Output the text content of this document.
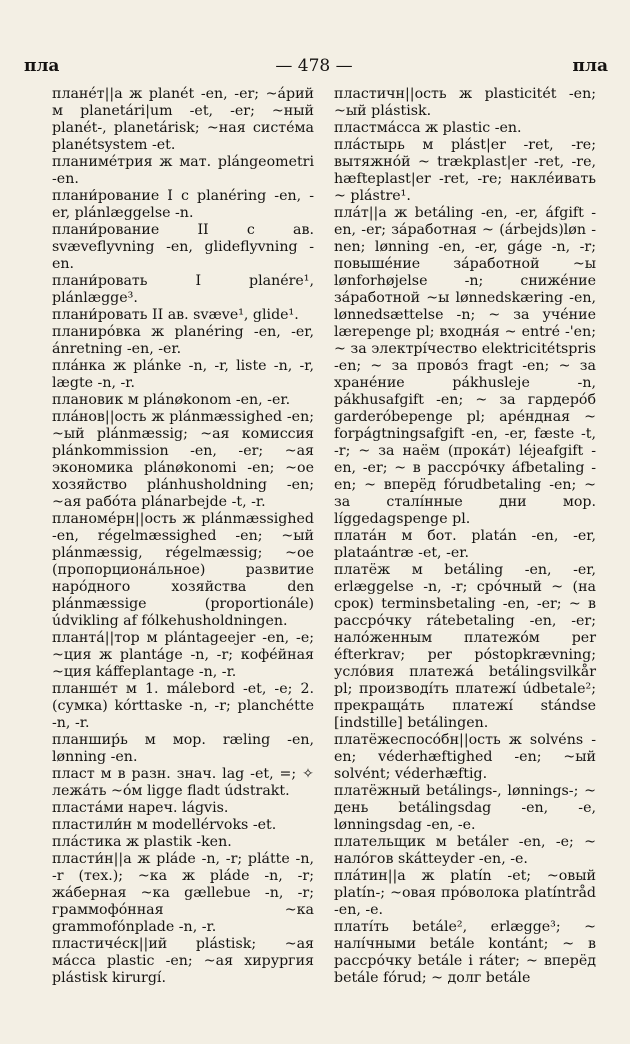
пла	— 478 —	пла

планéт||а ж planét -en, -er; ~áрий м planetári|um -et, -er; ~ный planét-, planetárisk; ~ная систéма planétsystem -et.

планимéтрия ж мат. plángeometri -en.

плани́рование I с planéring -en, -er, plánlæggelse -n.

плани́рование II с ав. svæveflyvning -en, glideflyvning -en.

плани́ровать I planére¹, plánlægge³.

плани́ровать II ав. svæve¹, glide¹.

планирóвка ж planéring -en, -er, ánretning -en, -er.

плáнка ж plánke -n, -r, liste -n, -r, lægte -n, -r.

плановик м plánøkonom -en, -er.

плáнов||ость ж plánmæssighed -en; ~ый plánmæssig; ~ая комиссия plánkommission -en, -er; ~ая экономика plánøkonomi -en; ~ое хозяйство plánhusholdning -en; ~ая рабóта plánarbejde -t, -r.

планомéрн||ость ж plánmæssighed -en, régelmæssighed -en; ~ый plánmæssig, régelmæssig; ~ое (пропорционáльное) развитие нарóдного хозяйства den plánmæssige (proportionále) údvikling af fólkehusholdningen.

плантá||тор м plántageejer -en, -e; ~ция ж plantáge -n, -r; кофéйная ~ция káffeplantage -n, -r.

планшéт м 1. málebord -et, -e; 2. (сумка) kórttaske -n, -r; planchétte -n, -r.

планшир́ь м мор. ræling -en, lønning -en.

пласт м в разн. знач. lag -et, =; ✧ лежáть ~óм ligge fladt údstrakt.

пластáми нареч. lágvis.

пластили́н м modellérvoks -et.

плáстика ж plastik -ken.

пласти́н||а ж pláde -n, -r; plátte -n, -r (тех.); ~ка ж pláde -n, -r; жáберная ~ка gællebue -n, -r; граммофóнная ~ка grammofónplade -n, -r.

пластичéск||ий plástisk; ~ая мáсса plastic -en; ~ая хирургия plástisk kirurgí.

пластичн||ость ж plasticitét -en; ~ый plástisk.

пластмáсса ж plastic -en.

плáстырь м plást|er -ret, -re; вытяжнóй ~ trækplast|er -ret, -re, hæfteplast|er -ret, -re; наклéивать ~ plástre¹.

плáт||а ж betáling -en, -er, áfgift -en, -er; зáработная ~ (árbejds)løn -nen; lønning -en, -er, gáge -n, -r; повышéние зáработной ~ы lønforhøjelse -n; снижéние зáработной ~ы lønnedskæring -en, lønnedsættelse -n; ~ за учéние lærepenge pl; входнáя ~ entré -'en; ~ за электрíчество elektricitétspris -en; ~ за провóз fragt -en; ~ за хранéние pákhusleje -n, pákhusafgift -en; ~ за гардерóб garderóbepenge pl; арéндная ~ forpágtningsafgift -en, -er, fæste -t, -r; ~ за наём (прокáт) léjeafgift -en, -er; ~ в рассрóчку áfbetaling -en; ~ вперёд fórudbetaling -en; ~ за сталíнные дни мор. líggedagspenge pl.

платáн м бот. platán -en, -er, plataántræ -et, -er.

платёж м betáling -en, -er, erlæggelse -n, -r; срóчный ~ (на срок) terminsbetaling -en, -er; ~ в рассрóчку rátebetaling -en, -er; налóженным платежóм per éfterkrav; per póstopkrævning; услóвия платежá betálingsvilkår pl; производíть платежí údbetale²; прекращáть платежí stándse [indstille] betálingen.

платёжеспосóбн||ость ж solvéns -en; véderhæftighed -en; ~ый solvént; véderhæftig.

платёжный betálings-, lønnings-; ~ день betálingsdag -en, -e, lønningsdag -en, -e.

плательщик м betáler -en, -e; ~ налóгов skátteyder -en, -e.

плáтин||а ж platín -et; ~овый platín-; ~овая прóволока platíntråd -en, -e.

платíть betále², erlægge³; ~ налíчными betále kontánt; ~ в рассрóчку betále i ráter; ~ вперёд betále fórud; ~ долг betále
